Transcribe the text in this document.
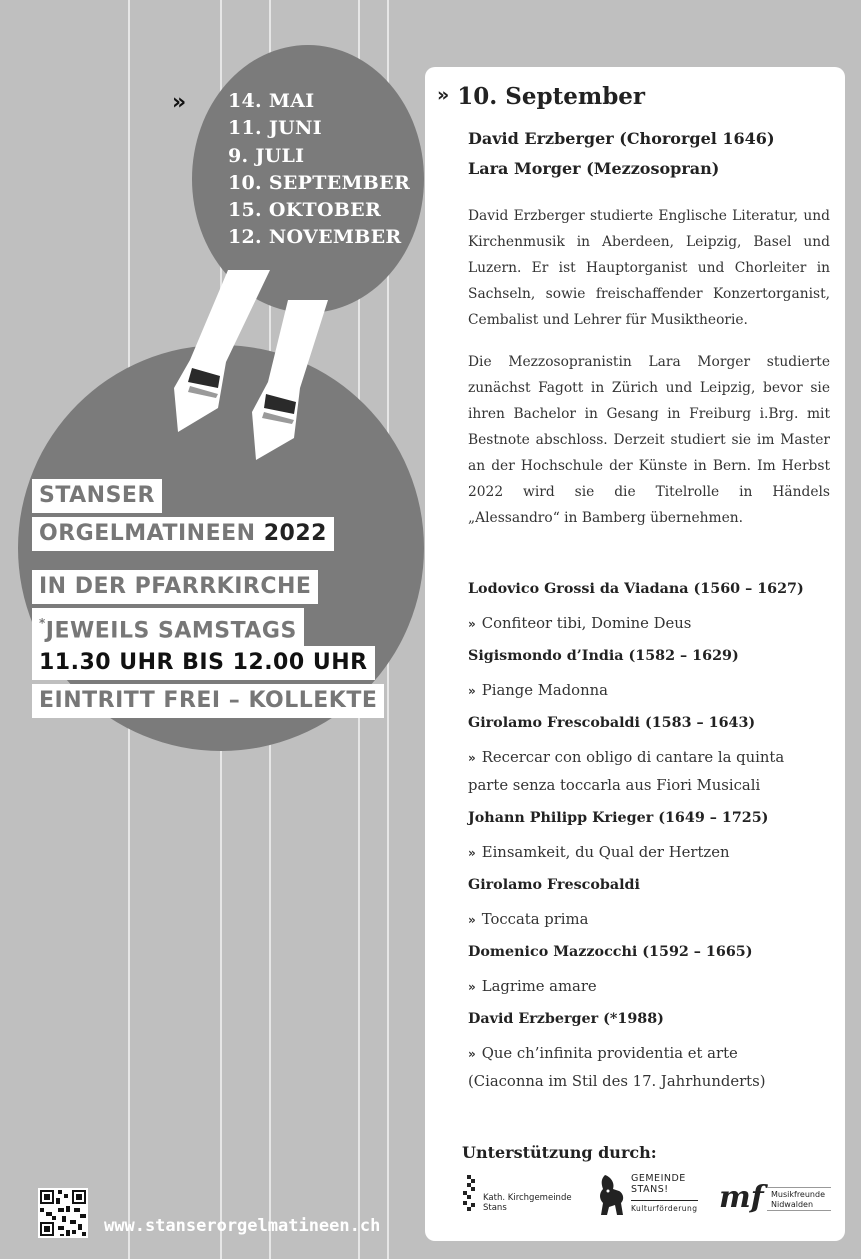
» 14. MAI
11. JUNI
9. JULI
10. SEPTEMBER
15. OKTOBER
12. NOVEMBER
STANSER
ORGELMATINEEN 2022
IN DER PFARRKIRCHE
*JEWEILS SAMSTAGS
11.30 UHR BIS 12.00 UHR
EINTRITT FREI – KOLLEKTE
www.stanserorgelmatineen.ch
» 10. September
David Erzberger (Chororgel 1646)
Lara Morger (Mezzosopran)

David Erzberger studierte Englische Literatur, und Kirchenmusik in Aberdeen, Leipzig, Basel und Luzern. Er ist Hauptorganist und Chorleiter in Sachseln, sowie freischaffender Konzertorganist, Cembalist und Lehrer für Musiktheorie.

Die Mezzosopranistin Lara Morger studierte zunächst Fagott in Zürich und Leipzig, bevor sie ihren Bachelor in Gesang in Freiburg i.Brg. mit Bestnote abschloss. Derzeit studiert sie im Master an der Hochschule der Künste in Bern. Im Herbst 2022 wird sie die Titelrolle in Händels „Alessandro“ in Bamberg übernehmen.

Lodovico Grossi da Viadana (1560 – 1627)
» Confiteor tibi, Domine Deus
Sigismondo d’India (1582 – 1629)
» Piange Madonna
Girolamo Frescobaldi (1583 – 1643)
» Recercar con obligo di cantare la quinta parte senza toccarla aus Fiori Musicali
Johann Philipp Krieger (1649 – 1725)
» Einsamkeit, du Qual der Hertzen
Girolamo Frescobaldi
» Toccata prima
Domenico Mazzocchi (1592 – 1665)
» Lagrime amare
David Erzberger (*1988)
» Que ch’infinita providentia et arte (Ciaconna im Stil des 17. Jahrhunderts)
Unterstützung durch:
Kath. Kirchgemeinde
Stans
GEMEINDE
STANS!
Kulturförderung mf Musikfreunde
Nidwalden
